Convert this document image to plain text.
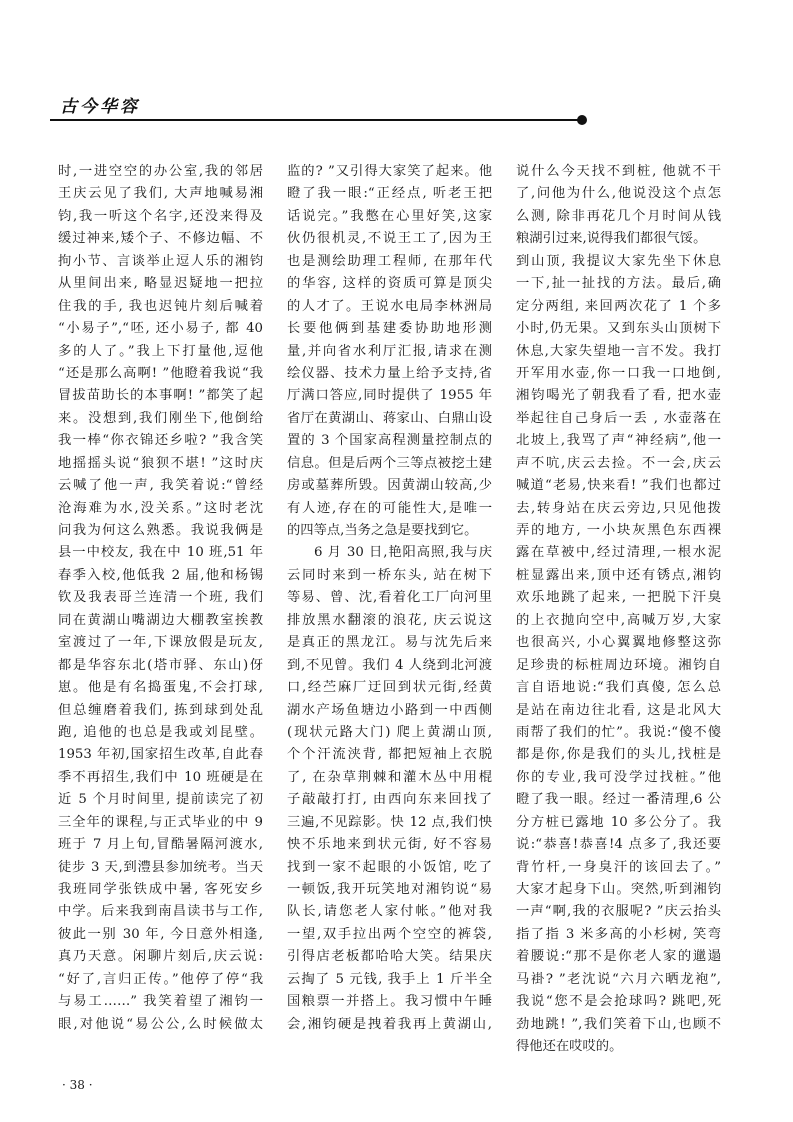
古今华容
时,一进空空的办公室,我的邻居
王庆云见了我们, 大声地喊易湘
钧,我一听这个名字,还没来得及
缓过神来,矮个子、不修边幅、不
拘小节、言谈举止逗人乐的湘钧
从里间出来, 略显迟疑地一把拉
住我的手, 我也迟钝片刻后喊着
“小易子”,“呸, 还小易子, 都 40
多的人了。”我上下打量他,逗他
“还是那么高啊! ”他瞪着我说“我
冒拔苗助长的本事啊! ”都笑了起
来。没想到,我们刚坐下,他倒给
我一棒“你衣锦还乡啦? ”我含笑
地摇摇头说“狼狈不堪! ”这时庆
云喊了他一声, 我笑着说:“曾经
沧海难为水,没关系。”这时老沈
问我为何这么熟悉。我说我俩是
县一中校友, 我在中 10 班,51 年
春季入校,他低我 2 届,他和杨锡
钦及我表哥兰连清一个班, 我们
同在黄湖山嘴湖边大棚教室挨教
室渡过了一年,下课放假是玩友,
都是华容东北(塔市驿、东山)伢
崽。他是有名捣蛋鬼,不会打球,
但总缠磨着我们, 拣到球到处乱
跑, 追他的也总是我或刘昆壁。
1953 年初,国家招生改革,自此春
季不再招生,我们中 10 班硬是在
近 5 个月时间里, 提前读完了初
三全年的课程,与正式毕业的中 9
班于 7 月上旬,冒酷暑隔河渡水,
徒步 3 天,到澧县参加统考。当天
我班同学张铁成中暑, 客死安乡
中学。后来我到南昌读书与工作,
彼此一别 30 年, 今日意外相逢,
真乃天意。闲聊片刻后,庆云说:
“好了,言归正传。”他停了停“我
与易工……” 我笑着望了湘钧一
眼,对他说“易公公,么时候做太
监的? ”又引得大家笑了起来。他
瞪了我一眼:“正经点, 听老王把
话说完。”我憋在心里好笑,这家
伙仍很机灵,不说王工了,因为王
也是测绘助理工程师, 在那年代
的华容, 这样的资质可算是顶尖
的人才了。王说水电局李林洲局
长要他俩到基建委协助地形测
量,并向省水利厅汇报,请求在测
绘仪器、技术力量上给予支持,省
厅满口答应,同时提供了 1955 年
省厅在黄湖山、蒋家山、白鼎山设
置的 3 个国家高程测量控制点的
信息。但是后两个三等点被挖土建
房或墓葬所毁。因黄湖山较高,少
有人迹,存在的可能性大,是唯一
的四等点,当务之急是要找到它。
6 月 30 日,艳阳高照,我与庆
云同时来到一桥东头, 站在树下
等易、曾、沈,看着化工厂向河里
排放黑水翻滚的浪花, 庆云说这
是真正的黑龙江。易与沈先后来
到,不见曾。我们 4 人绕到北河渡
口,经苎麻厂迂回到状元街,经黄
湖水产场鱼塘边小路到一中西侧
(现状元路大门) 爬上黄湖山顶,
个个汗流浃背, 都把短袖上衣脱
了, 在杂草荆棘和灌木丛中用棍
子敲敲打打, 由西向东来回找了
三遍,不见踪影。快 12 点,我们怏
怏不乐地来到状元街, 好不容易
找到一家不起眼的小饭馆, 吃了
一顿饭,我开玩笑地对湘钧说“易
队长,请您老人家付帐。”他对我
一望,双手拉出两个空空的裤袋,
引得店老板都哈哈大笑。结果庆
云掏了 5 元钱, 我手上 1 斤半全
国粮票一并搭上。我习惯中午睡
会,湘钧硬是拽着我再上黄湖山,
说什么今天找不到桩, 他就不干
了,问他为什么,他说没这个点怎
么测, 除非再花几个月时间从钱
粮湖引过来,说得我们都很气馁。
到山顶, 我提议大家先坐下休息
一下,扯一扯找的方法。最后,确
定分两组, 来回两次花了 1 个多
小时,仍无果。又到东头山顶树下
休息,大家失望地一言不发。我打
开军用水壶,你一口我一口地倒,
湘钧喝光了朝我看了看, 把水壶
举起往自己身后一丢 , 水壶落在
北坡上,我骂了声“神经病”,他一
声不吭,庆云去捡。不一会,庆云
喊道“老易,快来看! ”我们也都过
去,转身站在庆云旁边,只见他拨
弄的地方, 一小块灰黑色东西裸
露在草被中,经过清理,一根水泥
桩显露出来,顶中还有锈点,湘钧
欢乐地跳了起来, 一把脱下汗臭
的上衣抛向空中,高喊万岁,大家
也很高兴, 小心翼翼地修整这弥
足珍贵的标桩周边环境。湘钧自
言自语地说:“我们真傻, 怎么总
是站在南边往北看, 这是北风大
雨帮了我们的忙”。我说:“傻不傻
都是你,你是我们的头儿,找桩是
你的专业,我可没学过找桩。”他
瞪了我一眼。经过一番清理,6 公
分方桩已露地 10 多公分了。我
说:“恭喜!恭喜!4 点多了,我还要
背竹杆,一身臭汗的该回去了。”
大家才起身下山。突然,听到湘钧
一声“啊,我的衣服呢? ”庆云抬头
指了指 3 米多高的小杉树, 笑弯
着腰说:“那不是你老人家的邋遢
马褂? ”老沈说“六月六晒龙袍”,
我说“您不是会抢球吗? 跳吧,死
劲地跳! ”,我们笑着下山,也顾不
得他还在哎哎的。
· 38 ·
